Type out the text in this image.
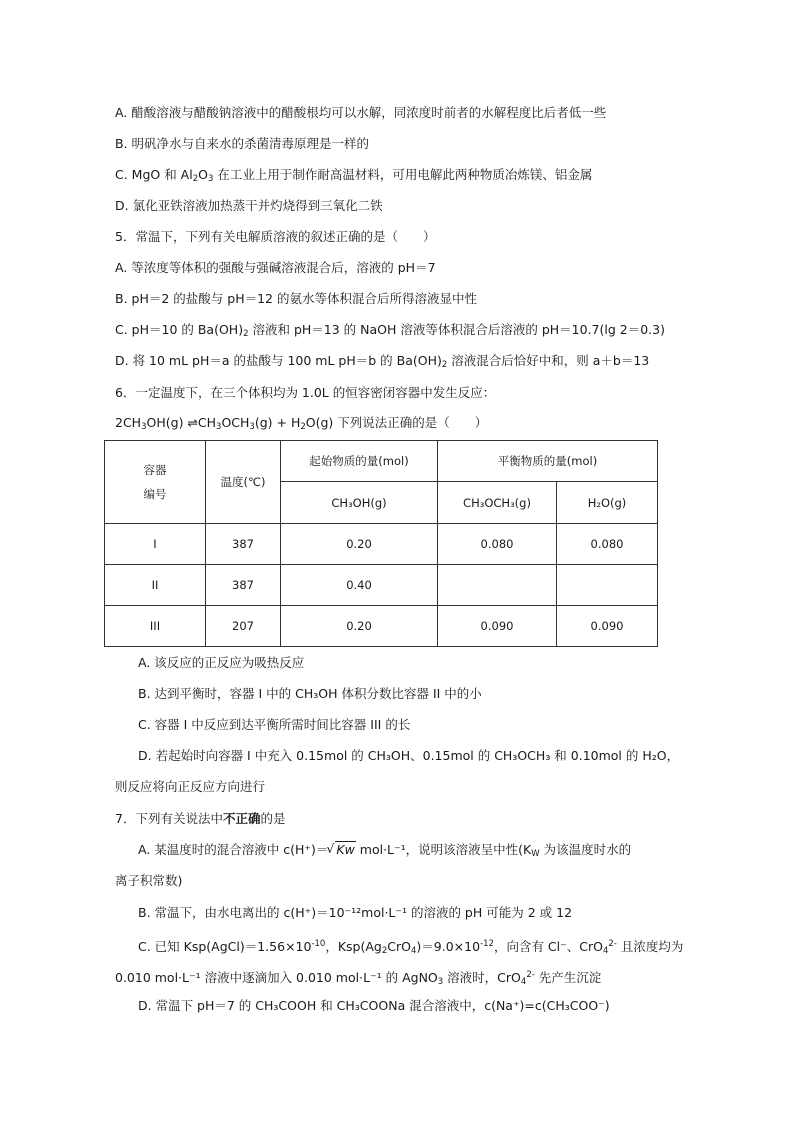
A. 醋酸溶液与醋酸钠溶液中的醋酸根均可以水解，同浓度时前者的水解程度比后者低一些
B. 明矾净水与自来水的杀菌清毒原理是一样的
C. MgO 和 $Al_2O_3$ 在工业上用于制作耐高温材料，可用电解此两种物质冶炼镁、铝金属
D. 氯化亚铁溶液加热蒸干并灼烧得到三氧化二铁
5．常温下，下列有关电解质溶液的叙述正确的是（　　）
A. 等浓度等体积的强酸与强碱溶液混合后，溶液的 pH＝7
B. pH＝2 的盐酸与 pH＝12 的氨水等体积混合后所得溶液显中性
C. pH＝10 的 $Ba(OH)_2$ 溶液和 pH＝13 的 NaOH 溶液等体积混合后溶液的 pH＝10.7(lg 2＝0.3)
D. 将 10 mL pH＝a 的盐酸与 100 mL pH＝b 的 $Ba(OH)_2$ 溶液混合后恰好中和，则 a＋b＝13
6．一定温度下，在三个体积均为 1.0L 的恒容密闭容器中发生反应：
$2CH_3OH(g)$ $\rightleftharpoons CH_3OCH_3(g) + H_2O(g)$ 下列说法正确的是（　　）
容器
编号	温度(℃)	起始物质的量(mol)	平衡物质的量(mol)	
		CH₃OH(g)	CH₃OCH₃(g)	H₂O(g)
I	387	0.20	0.080	0.080
II	387	0.40		
III	207	0.20	0.090	0.090
A. 该反应的正反应为吸热反应
B. 达到平衡时，容器 I 中的 CH₃OH 体积分数比容器 II 中的小
C. 容器 I 中反应到达平衡所需时间比容器 III 的长
D. 若起始时向容器 I 中充入 0.15mol 的 CH₃OH、0.15mol 的 CH₃OCH₃ 和 0.10mol 的 H₂O，
则反应将向正反应方向进行
7．下列有关说法中不正确的是
A. 某温度时的混合溶液中 c(H⁺)＝ √ Kw mol·L⁻¹，说明该溶液呈中性($K_W$ 为该温度时水的
离子积常数)
B. 常温下，由水电离出的 c(H⁺)＝10⁻¹²mol·L⁻¹ 的溶液的 pH 可能为 2 或 12
C. 已知 $Ksp(AgCl)=1.56\times 10^{-10}$，$Ksp(Ag_2CrO_4)=9.0\times 10^{-12}$，向含有 Cl⁻、CrO$_4^{2-}$ 且浓度均为
0.010 mol·L⁻¹ 溶液中逐滴加入 0.010 mol·L⁻¹ 的 AgNO$_3$ 溶液时，CrO$_4^{2-}$ 先产生沉淀
D. 常温下 pH＝7 的 CH₃COOH 和 CH₃COONa 混合溶液中，c(Na⁺)=c(CH₃COO⁻)
